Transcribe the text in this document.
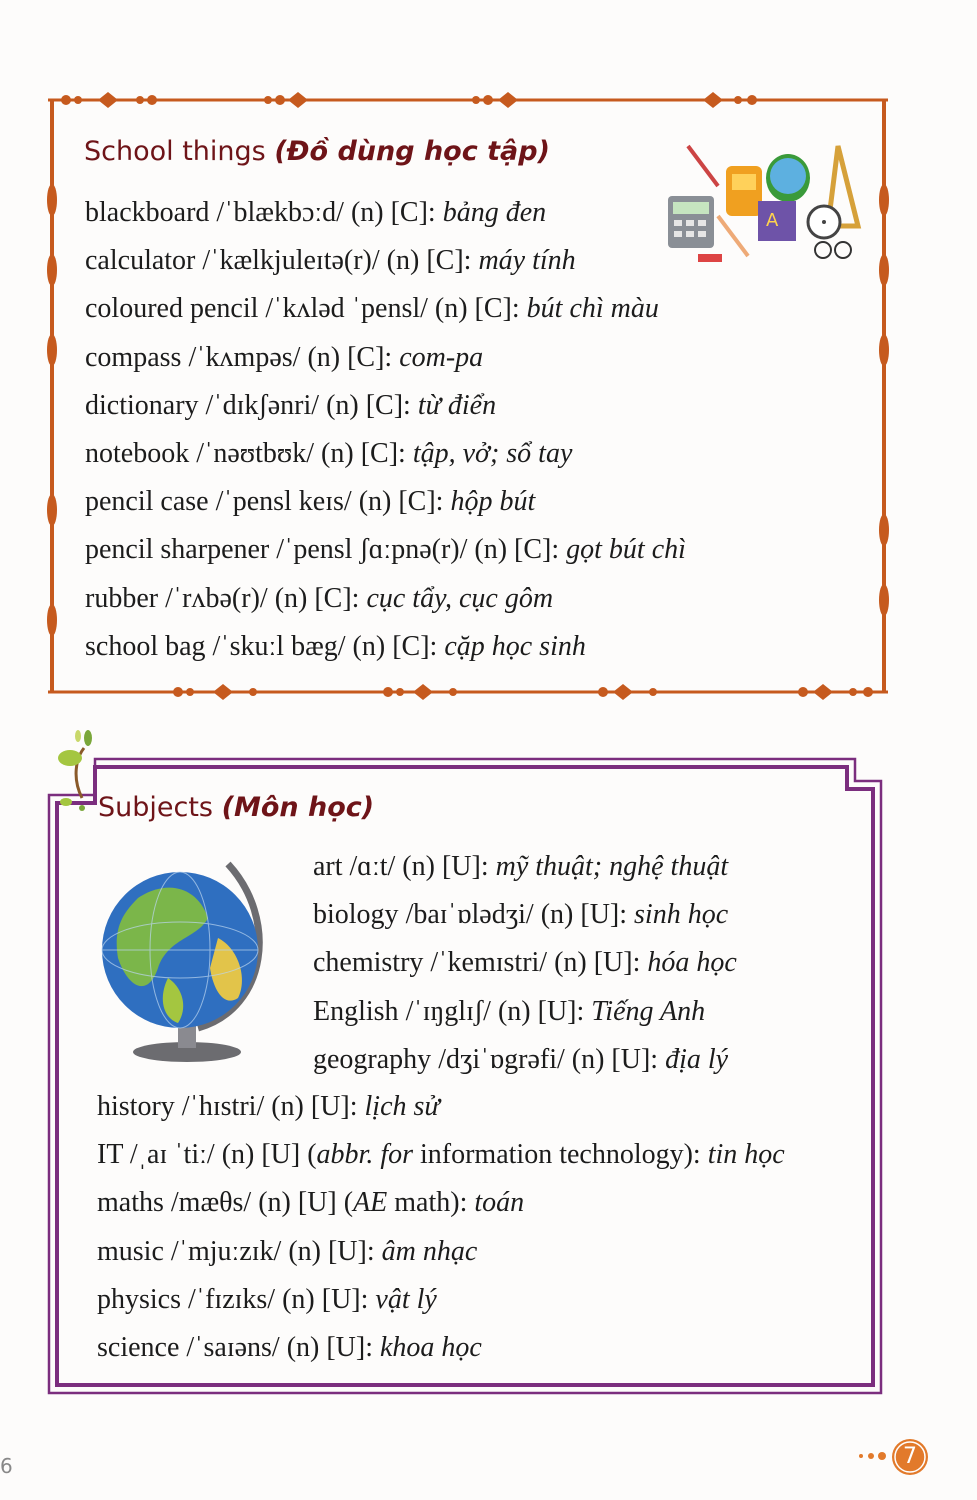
A
School things (Đồ dùng học tập)
blackboard /ˈblækbɔːd/ (n) [C]: bảng đen
calculator /ˈkælkjuleɪtə(r)/ (n) [C]: máy tính
coloured pencil /ˈkʌləd ˈpensl/ (n) [C]: bút chì màu
compass /ˈkʌmpəs/ (n) [C]: com-pa
dictionary /ˈdɪkʃənri/ (n) [C]: từ điển
notebook /ˈnəʊtbʊk/ (n) [C]: tập, vở; sổ tay
pencil case /ˈpensl keɪs/ (n) [C]: hộp bút
pencil sharpener /ˈpensl ʃɑːpnə(r)/ (n) [C]: gọt bút chì
rubber /ˈrʌbə(r)/ (n) [C]: cục tẩy, cục gôm
school bag /ˈskuːl bæg/ (n) [C]: cặp học sinh
Subjects (Môn học)
art /ɑːt/ (n) [U]: mỹ thuật; nghệ thuật
biology /baɪˈɒlədʒi/ (n) [U]: sinh học
chemistry /ˈkemɪstri/ (n) [U]: hóa học
English /ˈɪŋglɪʃ/ (n) [U]: Tiếng Anh
geography /dʒiˈɒgrəfi/ (n) [U]: địa lý
history /ˈhɪstri/ (n) [U]: lịch sử
IT /ˌaɪ ˈtiː/ (n) [U] (abbr. for information technology): tin học
maths /mæθs/ (n) [U] (AE math): toán
music /ˈmjuːzɪk/ (n) [U]: âm nhạc
physics /ˈfɪzɪks/ (n) [U]: vật lý
science /ˈsaɪəns/ (n) [U]: khoa học
7
6
